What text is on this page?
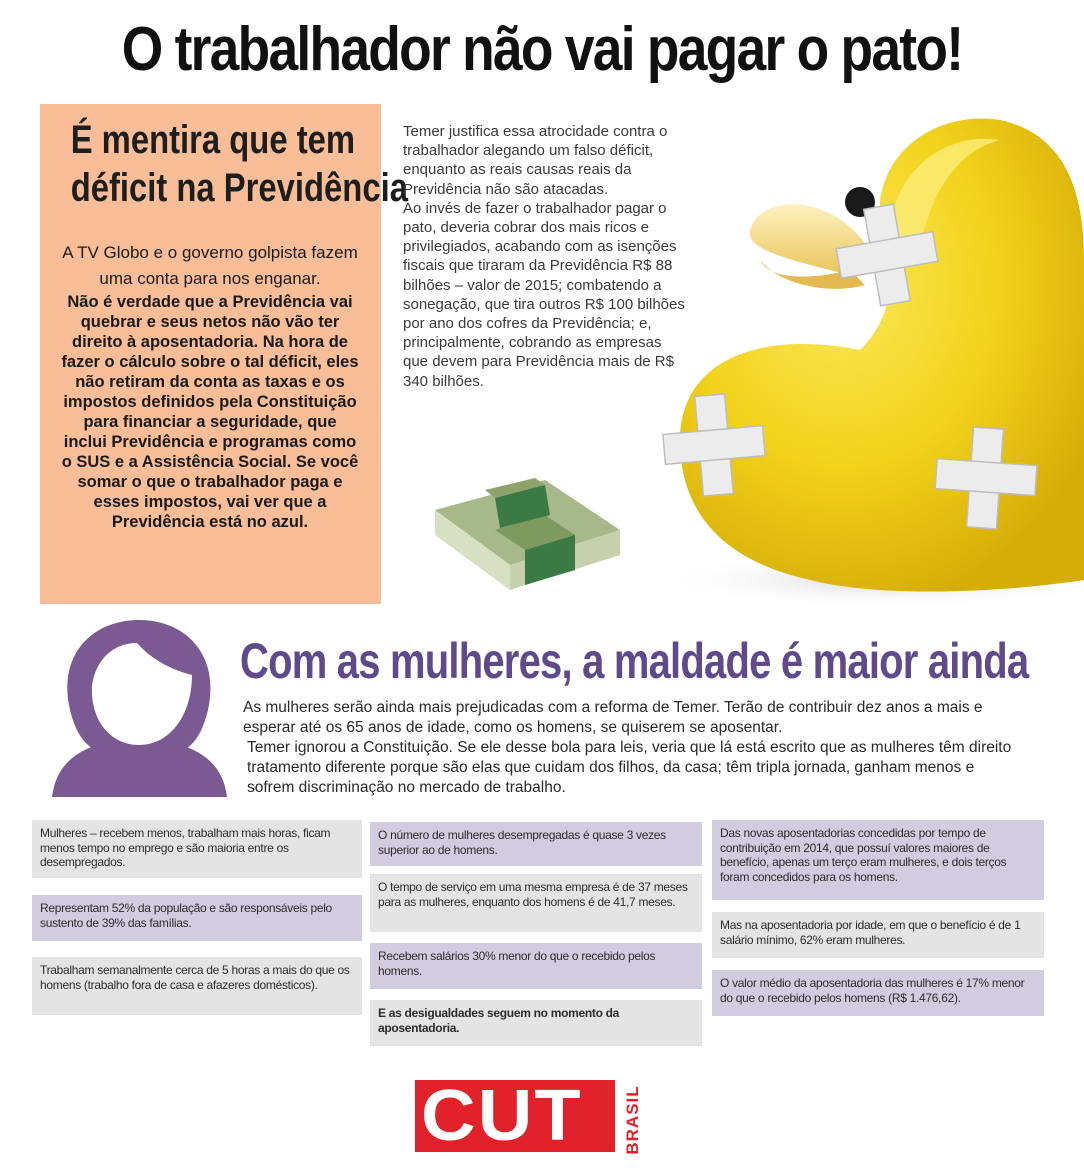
O trabalhador não vai pagar o pato!
É mentira que tem
déficit na Previdência
A TV Globo e o governo golpista fazem uma conta para nos enganar.
Não é verdade que a Previdência vai quebrar e seus netos não vão ter direito à aposentadoria. Na hora de fazer o cálculo sobre o tal déficit, eles não retiram da conta as taxas e os impostos definidos pela Constituição para financiar a seguridade, que inclui Previdência e programas como o SUS e a Assistência Social. Se você somar o que o trabalhador paga e esses impostos, vai ver que a Previdência está no azul.
Temer justifica essa atrocidade contra o trabalhador alegando um falso déficit, enquanto as reais causas reais da Previdência não são atacadas.
Ao invés de fazer o trabalhador pagar o pato, deveria cobrar dos mais ricos e privilegiados, acabando com as isenções fiscais que tiraram da Previdência R$ 88 bilhões – valor de 2015; combatendo a sonegação, que tira outros R$ 100 bilhões por ano dos cofres da Previdência; e, principalmente, cobrando as empresas que devem para Previdência mais de R$ 340 bilhões.
Com as mulheres, a maldade é maior ainda
As mulheres serão ainda mais prejudicadas com a reforma de Temer. Terão de contribuir dez anos a mais e esperar até os 65 anos de idade, como os homens, se quiserem se aposentar.
Temer ignorou a Constituição. Se ele desse bola para leis, veria que lá está escrito que as mulheres têm direito tratamento diferente porque são elas que cuidam dos filhos, da casa; têm tripla jornada, ganham menos e sofrem discriminação no mercado de trabalho.
Mulheres – recebem menos, trabalham mais horas, ficam menos tempo no emprego e são maioria entre os desempregados.
Representam 52% da população e são responsáveis pelo sustento de 39% das famílias.
Trabalham semanalmente cerca de 5 horas a mais do que os homens (trabalho fora de casa e afazeres domésticos).
O número de mulheres desempregadas é quase 3 vezes superior ao de homens.
O tempo de serviço em uma mesma empresa é de 37 meses para as mulheres, enquanto dos homens é de 41,7 meses.
Recebem salários 30% menor do que o recebido pelos homens.
E as desigualdades seguem no momento da aposentadoria.
Das novas aposentadorias concedidas por tempo de contribuição em 2014, que possuí valores maiores de benefício, apenas um terço eram mulheres, e dois terços foram concedidos para os homens.
Mas na aposentadoria por idade, em que o benefício é de 1 salário mínimo, 62% eram mulheres.
O valor médio da aposentadoria das mulheres é 17% menor do que o recebido pelos homens (R$ 1.476,62).
CUT	® BRASIL
